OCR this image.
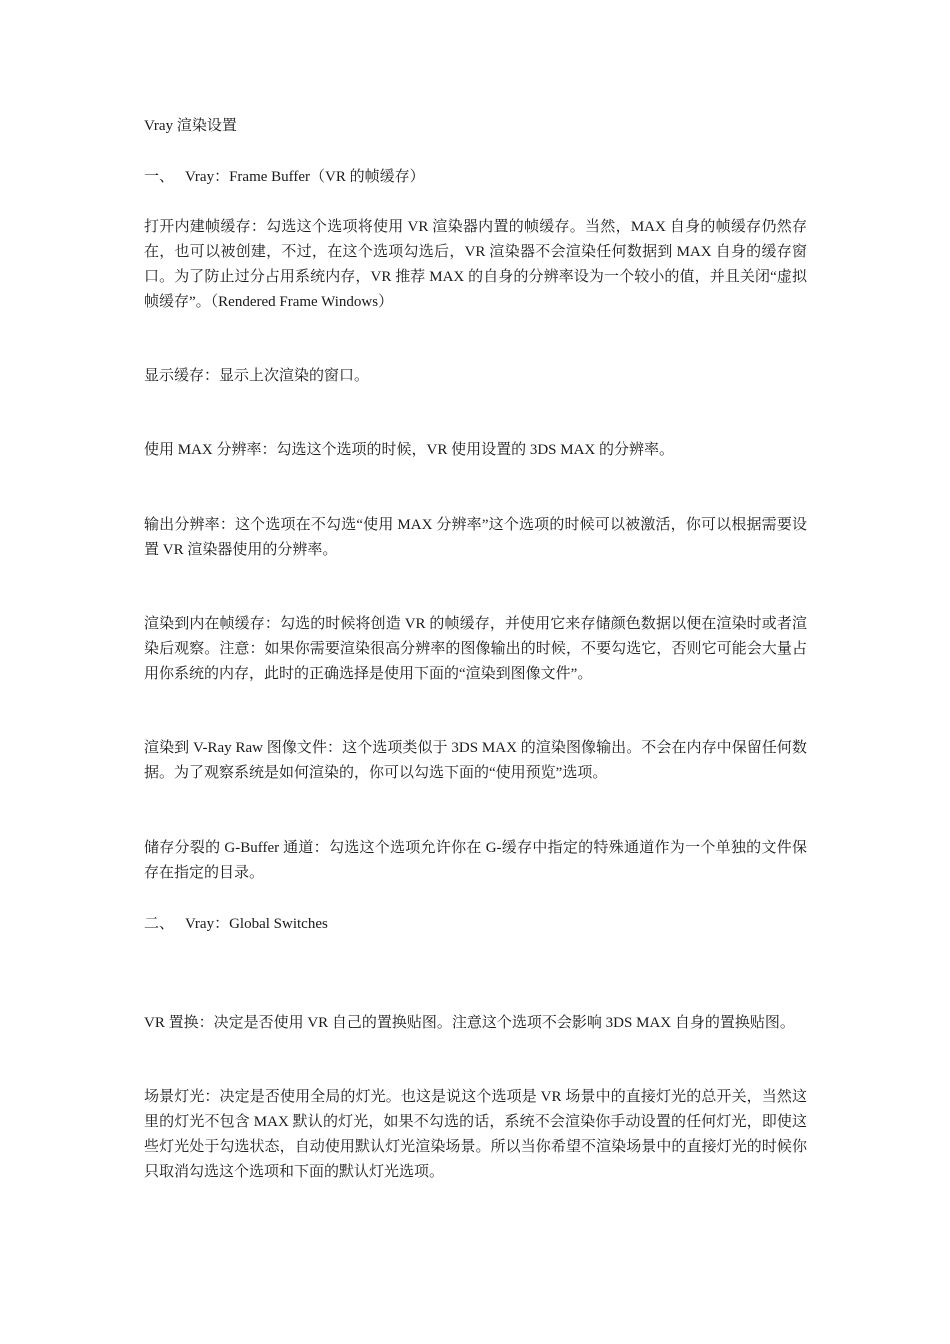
Vray 渲染设置

一、 Vray：Frame Buffer（VR 的帧缓存）

打开内建帧缓存：勾选这个选项将使用 VR 渲染器内置的帧缓存。当然，MAX 自身的帧缓存仍然存在，也可以被创建，不过，在这个选项勾选后，VR 渲染器不会渲染任何数据到 MAX 自身的缓存窗口。为了防止过分占用系统内存，VR 推荐 MAX 的自身的分辨率设为一个较小的值，并且关闭“虚拟帧缓存”。（Rendered Frame Windows）

显示缓存：显示上次渲染的窗口。

使用 MAX 分辨率：勾选这个选项的时候，VR 使用设置的 3DS MAX 的分辨率。

输出分辨率：这个选项在不勾选“使用 MAX 分辨率”这个选项的时候可以被激活，你可以根据需要设置 VR 渲染器使用的分辨率。

渲染到内在帧缓存：勾选的时候将创造 VR 的帧缓存，并使用它来存储颜色数据以便在渲染时或者渲染后观察。注意：如果你需要渲染很高分辨率的图像输出的时候，不要勾选它，否则它可能会大量占用你系统的内存，此时的正确选择是使用下面的“渲染到图像文件”。

渲染到 V-Ray Raw 图像文件：这个选项类似于 3DS MAX 的渲染图像输出。不会在内存中保留任何数据。为了观察系统是如何渲染的，你可以勾选下面的“使用预览”选项。

储存分裂的 G-Buffer 通道：勾选这个选项允许你在 G-缓存中指定的特殊通道作为一个单独的文件保存在指定的目录。

二、 Vray：Global Switches

VR 置换：决定是否使用 VR 自己的置换贴图。注意这个选项不会影响 3DS MAX 自身的置换贴图。

场景灯光：决定是否使用全局的灯光。也这是说这个选项是 VR 场景中的直接灯光的总开关，当然这里的灯光不包含 MAX 默认的灯光，如果不勾选的话，系统不会渲染你手动设置的任何灯光，即使这些灯光处于勾选状态，自动使用默认灯光渲染场景。所以当你希望不渲染场景中的直接灯光的时候你只取消勾选这个选项和下面的默认灯光选项。
